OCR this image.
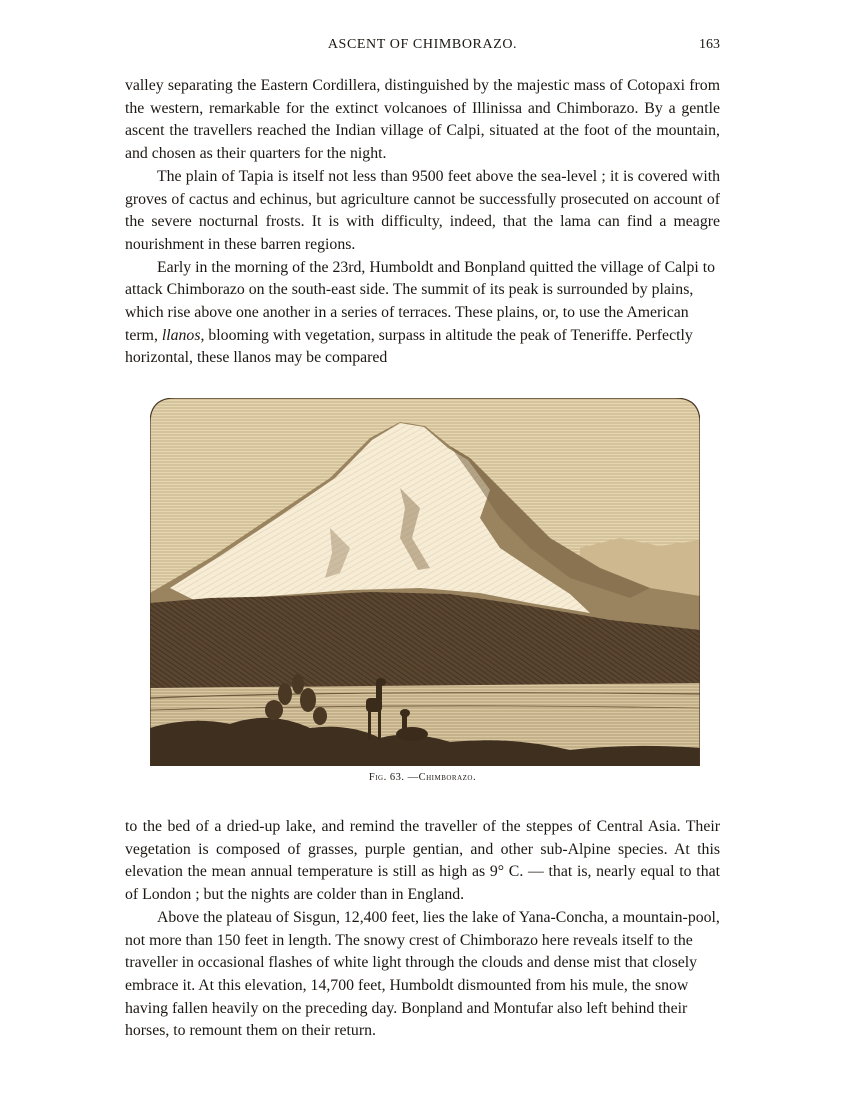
ASCENT OF CHIMBORAZO.	163

valley separating the Eastern Cordillera, distinguished by the majestic mass of Cotopaxi from the western, remarkable for the extinct volcanoes of Illinissa and Chimborazo. By a gentle ascent the travellers reached the Indian village of Calpi, situated at the foot of the mountain, and chosen as their quarters for the night.

The plain of Tapia is itself not less than 9500 feet above the sea-level ; it is covered with groves of cactus and echinus, but agriculture cannot be successfully prosecuted on account of the severe nocturnal frosts. It is with difficulty, indeed, that the lama can find a meagre nourishment in these barren regions.

Early in the morning of the 23rd, Humboldt and Bonpland quitted the village of Calpi to attack Chimborazo on the south-east side. The summit of its peak is surrounded by plains, which rise above one another in a series of terraces. These plains, or, to use the American term, llanos, blooming with vegetation, surpass in altitude the peak of Teneriffe. Perfectly horizontal, these llanos may be compared

Fig. 63. —Chimborazo.

to the bed of a dried-up lake, and remind the traveller of the steppes of Central Asia. Their vegetation is composed of grasses, purple gentian, and other sub-Alpine species. At this elevation the mean annual temperature is still as high as 9° C. — that is, nearly equal to that of London ; but the nights are colder than in England.

Above the plateau of Sisgun, 12,400 feet, lies the lake of Yana-Concha, a mountain-pool, not more than 150 feet in length. The snowy crest of Chimborazo here reveals itself to the traveller in occasional flashes of white light through the clouds and dense mist that closely embrace it. At this elevation, 14,700 feet, Humboldt dismounted from his mule, the snow having fallen heavily on the preceding day. Bonpland and Montufar also left behind their horses, to remount them on their return.
